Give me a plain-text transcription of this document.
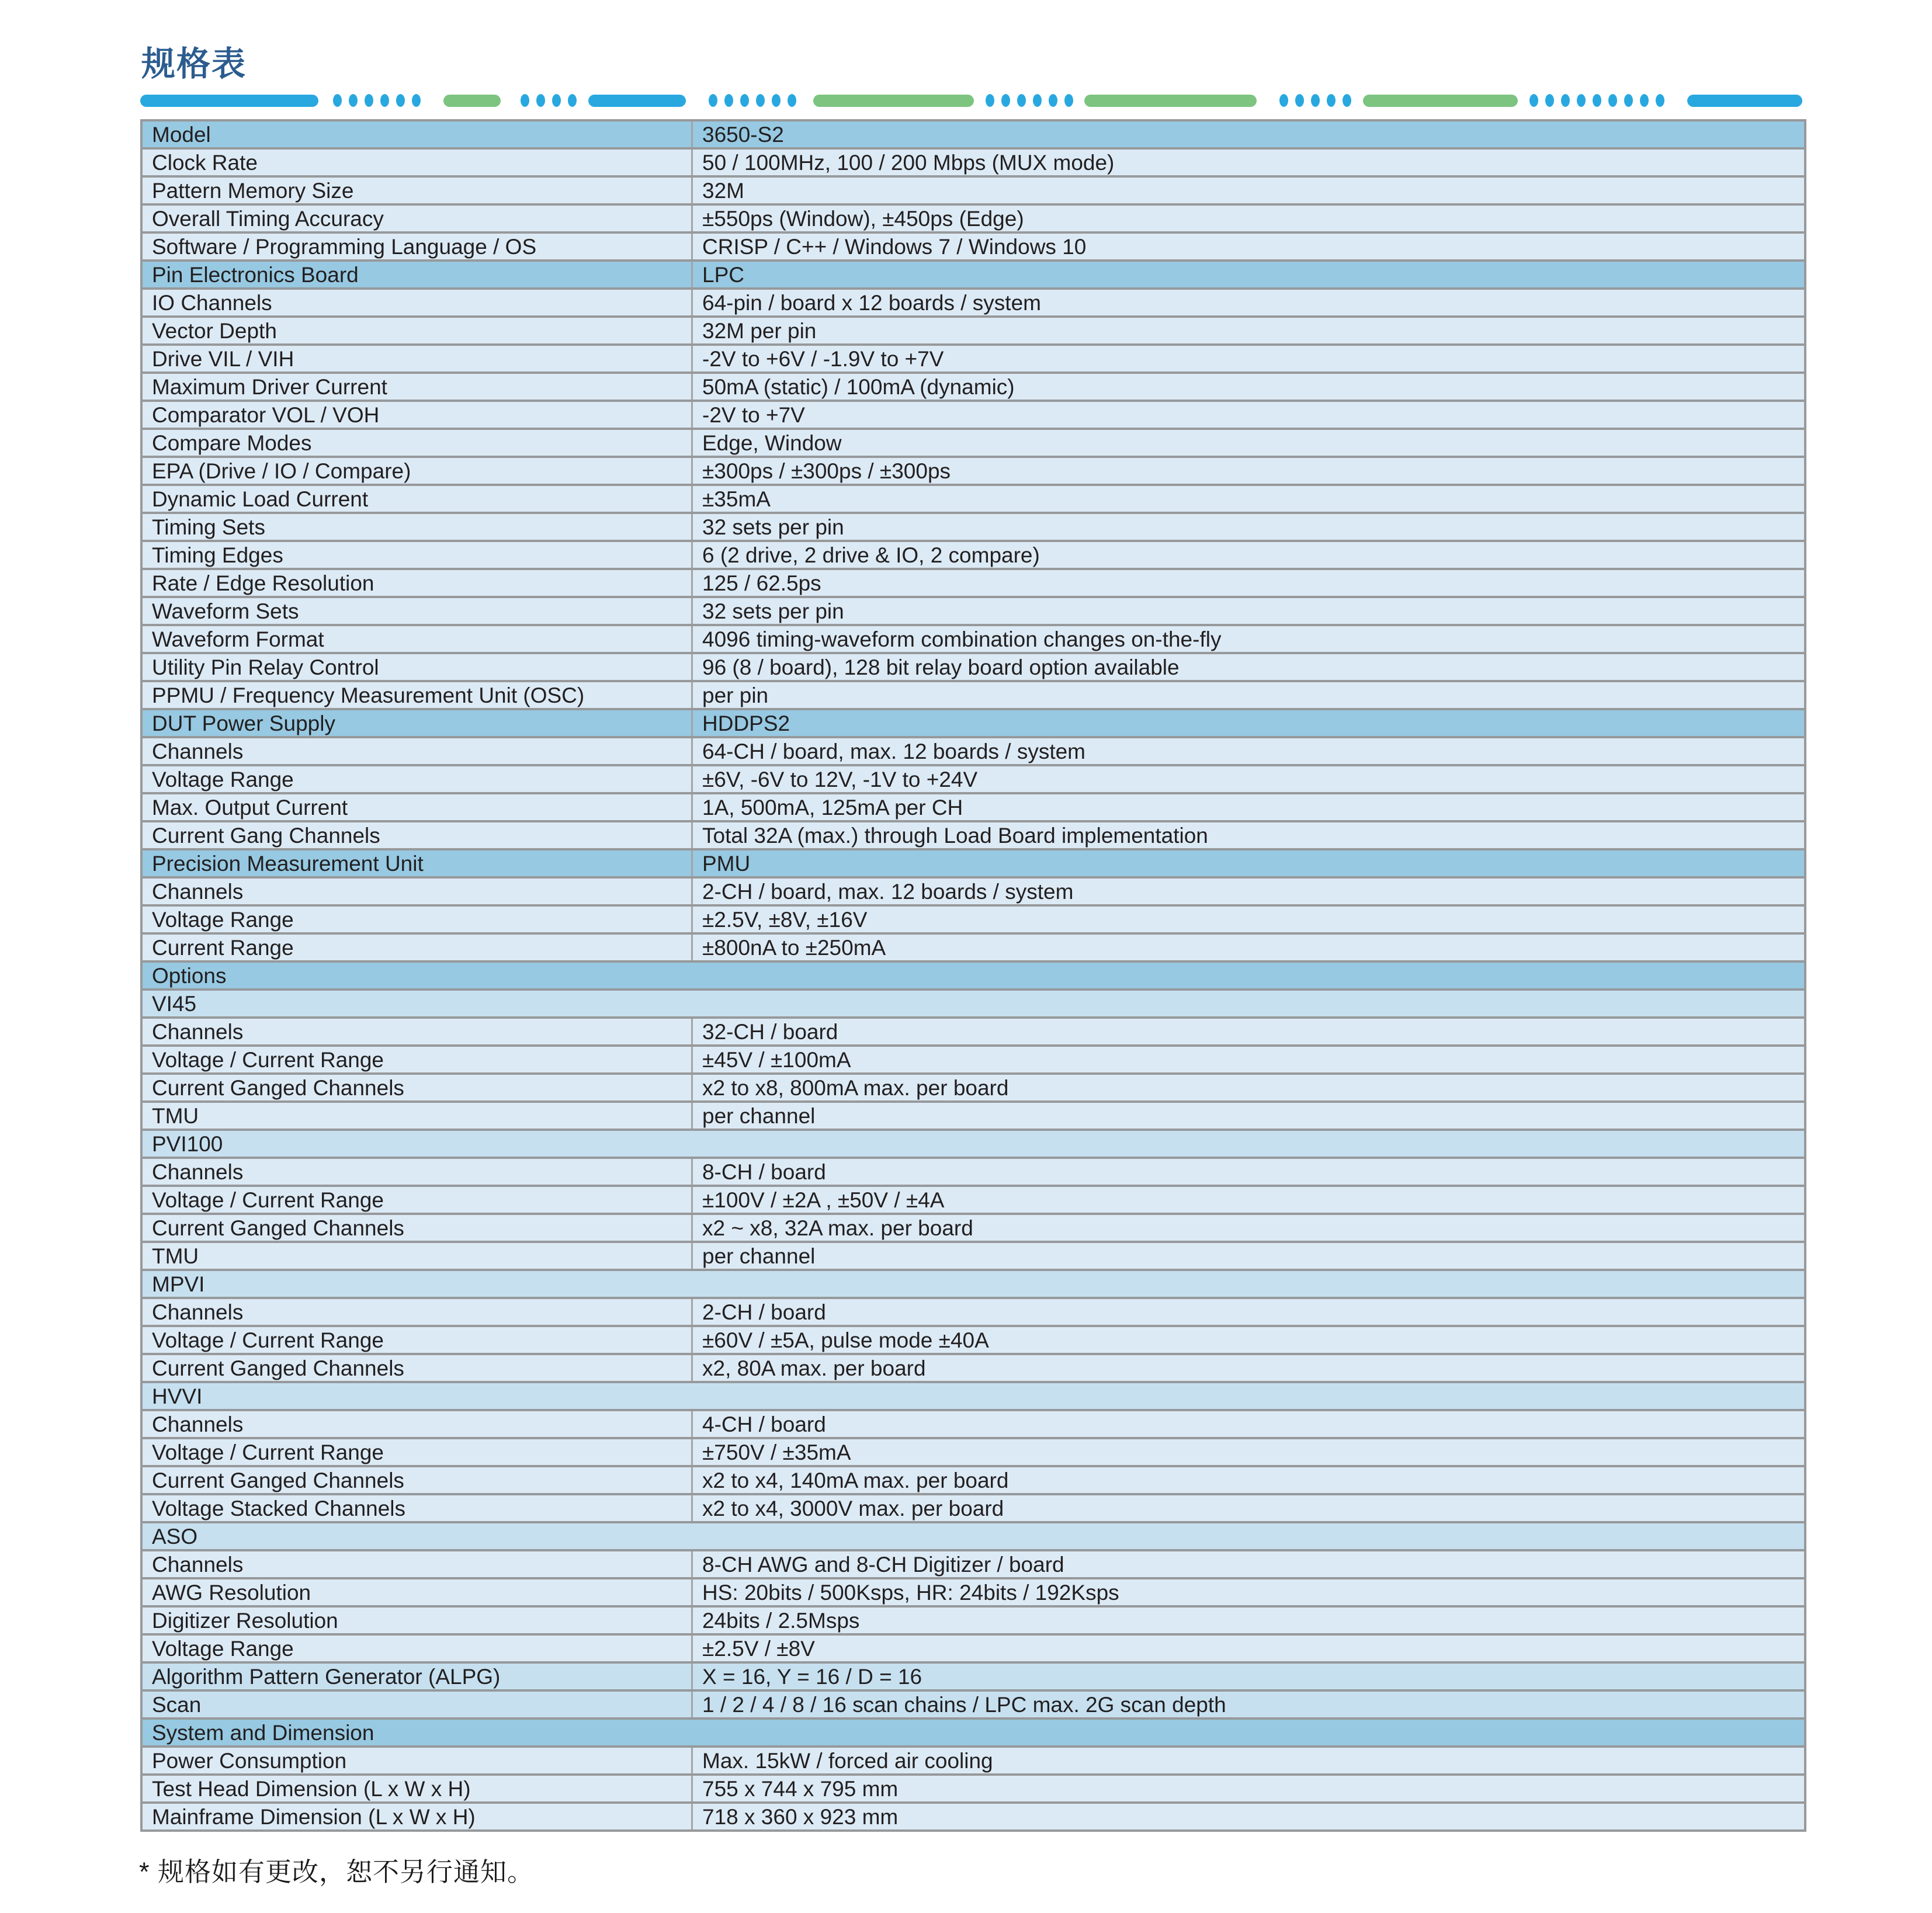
规格表
Model	3650-S2
Clock Rate	50 / 100MHz, 100 / 200 Mbps (MUX mode)
Pattern Memory Size	32M
Overall Timing Accuracy	±550ps (Window), ±450ps (Edge)
Software / Programming Language / OS	CRISP / C++ / Windows 7 / Windows 10
Pin Electronics Board	LPC
IO Channels	64-pin / board x 12 boards / system
Vector Depth	32M per pin
Drive VIL / VIH	-2V to +6V / -1.9V to +7V
Maximum Driver Current	50mA (static) / 100mA (dynamic)
Comparator VOL / VOH	-2V to +7V
Compare Modes	Edge, Window
EPA (Drive / IO / Compare)	±300ps / ±300ps / ±300ps
Dynamic Load Current	±35mA
Timing Sets	32 sets per pin
Timing Edges	6 (2 drive, 2 drive & IO, 2 compare)
Rate / Edge Resolution	125 / 62.5ps
Waveform Sets	32 sets per pin
Waveform Format	4096 timing-waveform combination changes on-the-fly
Utility Pin Relay Control	96 (8 / board), 128 bit relay board option available
PPMU / Frequency Measurement Unit (OSC)	per pin
DUT Power Supply	HDDPS2
Channels	64-CH / board, max. 12 boards / system
Voltage Range	±6V, -6V to 12V, -1V to +24V
Max. Output Current	1A, 500mA, 125mA per CH
Current Gang Channels	Total 32A (max.) through Load Board implementation
Precision Measurement Unit	PMU
Channels	2-CH / board, max. 12 boards / system
Voltage Range	±2.5V, ±8V, ±16V
Current Range	±800nA to ±250mA
Options
VI45
Channels	32-CH / board
Voltage / Current Range	±45V / ±100mA
Current Ganged Channels	x2 to x8, 800mA max. per board
TMU	per channel
PVI100
Channels	8-CH / board
Voltage / Current Range	±100V / ±2A , ±50V / ±4A
Current Ganged Channels	x2 ~ x8, 32A max. per board
TMU	per channel
MPVI
Channels	2-CH / board
Voltage / Current Range	±60V / ±5A, pulse mode ±40A
Current Ganged Channels	x2, 80A max. per board
HVVI
Channels	4-CH / board
Voltage / Current Range	±750V / ±35mA
Current Ganged Channels	x2 to x4, 140mA max. per board
Voltage Stacked Channels	x2 to x4, 3000V max. per board
ASO
Channels	8-CH AWG and 8-CH Digitizer / board
AWG Resolution	HS: 20bits / 500Ksps, HR: 24bits / 192Ksps
Digitizer Resolution	24bits / 2.5Msps
Voltage Range	±2.5V / ±8V
Algorithm Pattern Generator (ALPG)	X = 16, Y = 16 / D = 16
Scan	1 / 2 / 4 / 8 / 16 scan chains / LPC max. 2G scan depth
System and Dimension
Power Consumption	Max. 15kW / forced air cooling
Test Head Dimension (L x W x H)	755 x 744 x 795 mm
Mainframe Dimension (L x W x H)	718 x 360 x 923 mm

* 规格如有更改，恕不另行通知。
